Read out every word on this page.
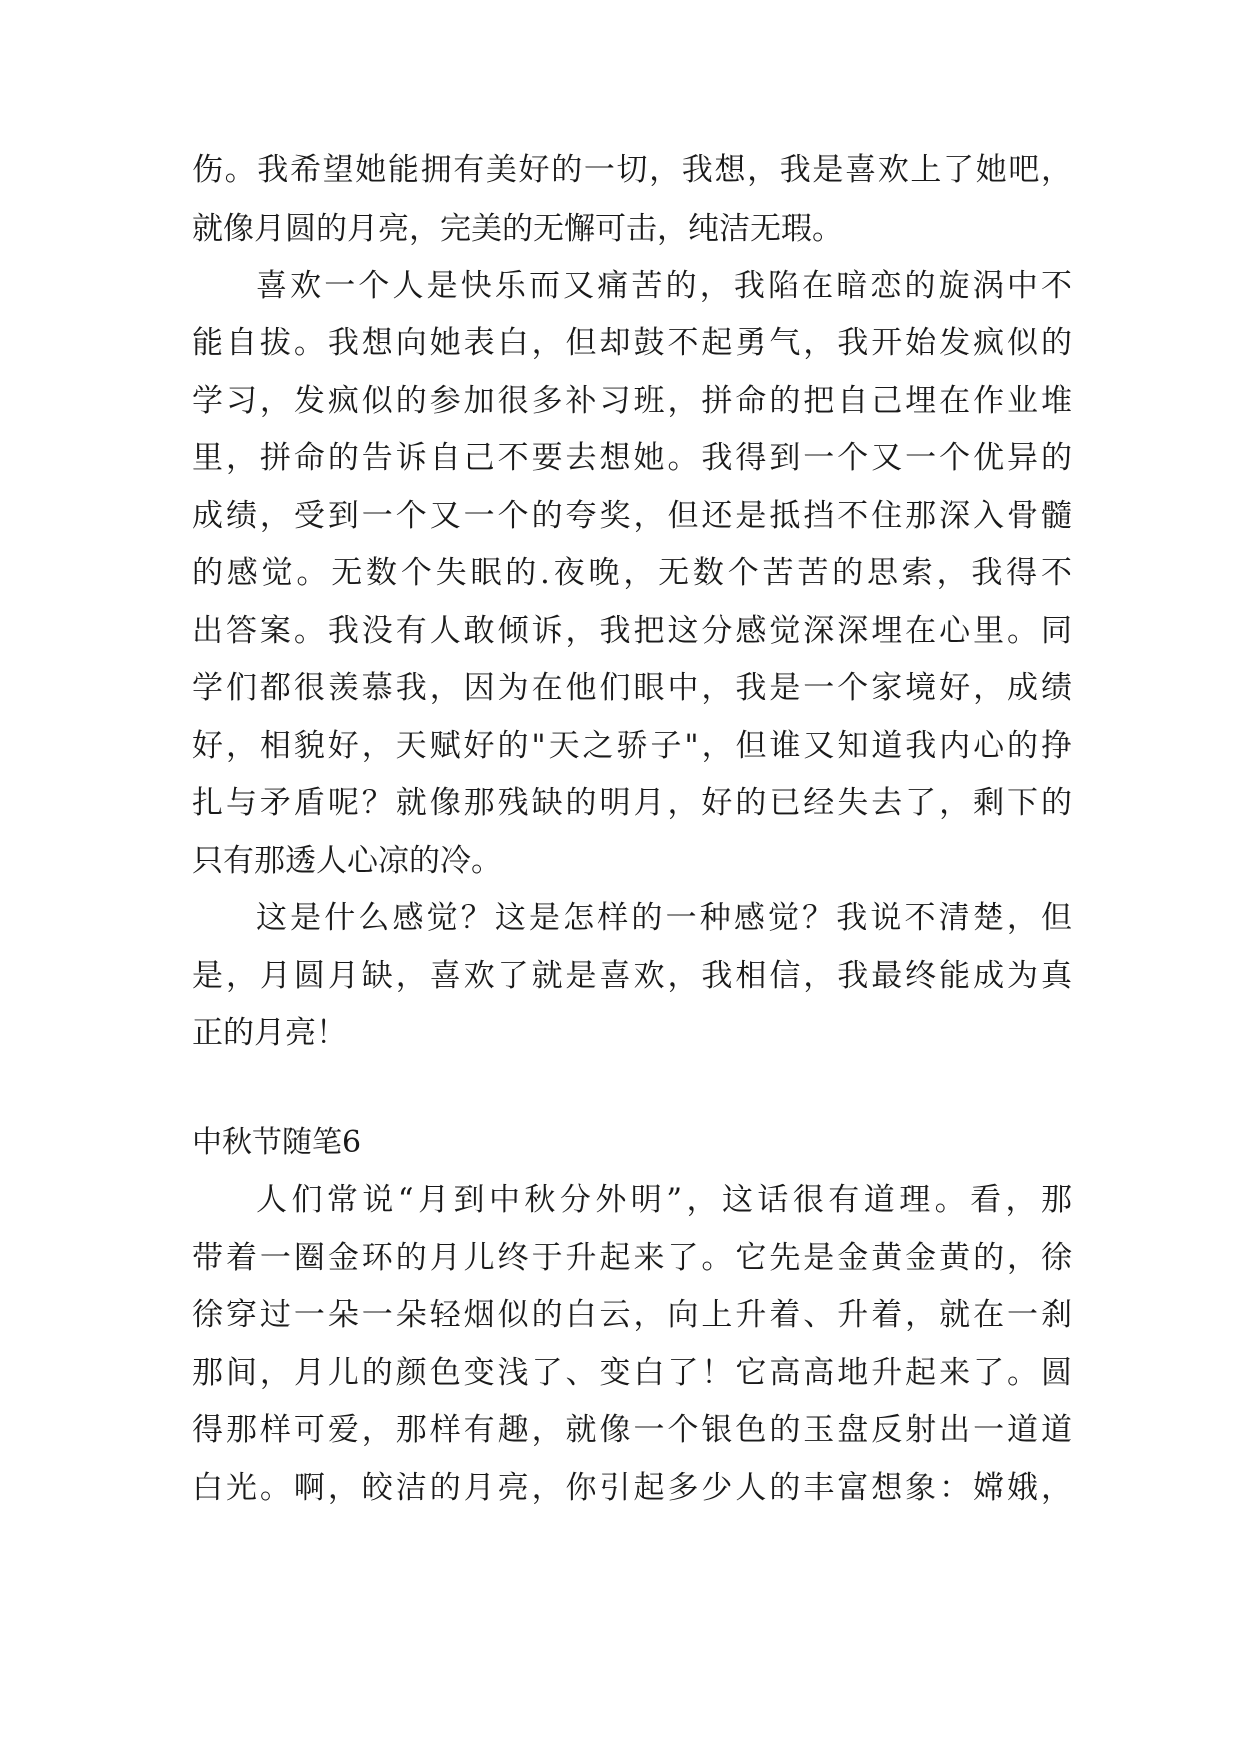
伤。我希望她能拥有美好的一切，我想，我是喜欢上了她吧，
就像月圆的月亮，完美的无懈可击，纯洁无瑕。
喜欢一个人是快乐而又痛苦的，我陷在暗恋的旋涡中不
能自拔。我想向她表白，但却鼓不起勇气，我开始发疯似的
学习，发疯似的参加很多补习班，拼命的把自己埋在作业堆
里，拼命的告诉自己不要去想她。我得到一个又一个优异的
成绩，受到一个又一个的夸奖，但还是抵挡不住那深入骨髓
的感觉。无数个失眠的.夜晚，无数个苦苦的思索，我得不
出答案。我没有人敢倾诉，我把这分感觉深深埋在心里。同
学们都很羡慕我，因为在他们眼中，我是一个家境好，成绩
好，相貌好，天赋好的"天之骄子"，但谁又知道我内心的挣
扎与矛盾呢？就像那残缺的明月，好的已经失去了，剩下的
只有那透人心凉的冷。
这是什么感觉？这是怎样的一种感觉？我说不清楚，但
是，月圆月缺，喜欢了就是喜欢，我相信，我最终能成为真
正的月亮！
中秋节随笔6
人们常说“月到中秋分外明”，这话很有道理。看，那
带着一圈金环的月儿终于升起来了。它先是金黄金黄的，徐
徐穿过一朵一朵轻烟似的白云，向上升着、升着，就在一刹
那间，月儿的颜色变浅了、变白了！它高高地升起来了。圆
得那样可爱，那样有趣，就像一个银色的玉盘反射出一道道
白光。啊，皎洁的月亮，你引起多少人的丰富想象：嫦娥，
